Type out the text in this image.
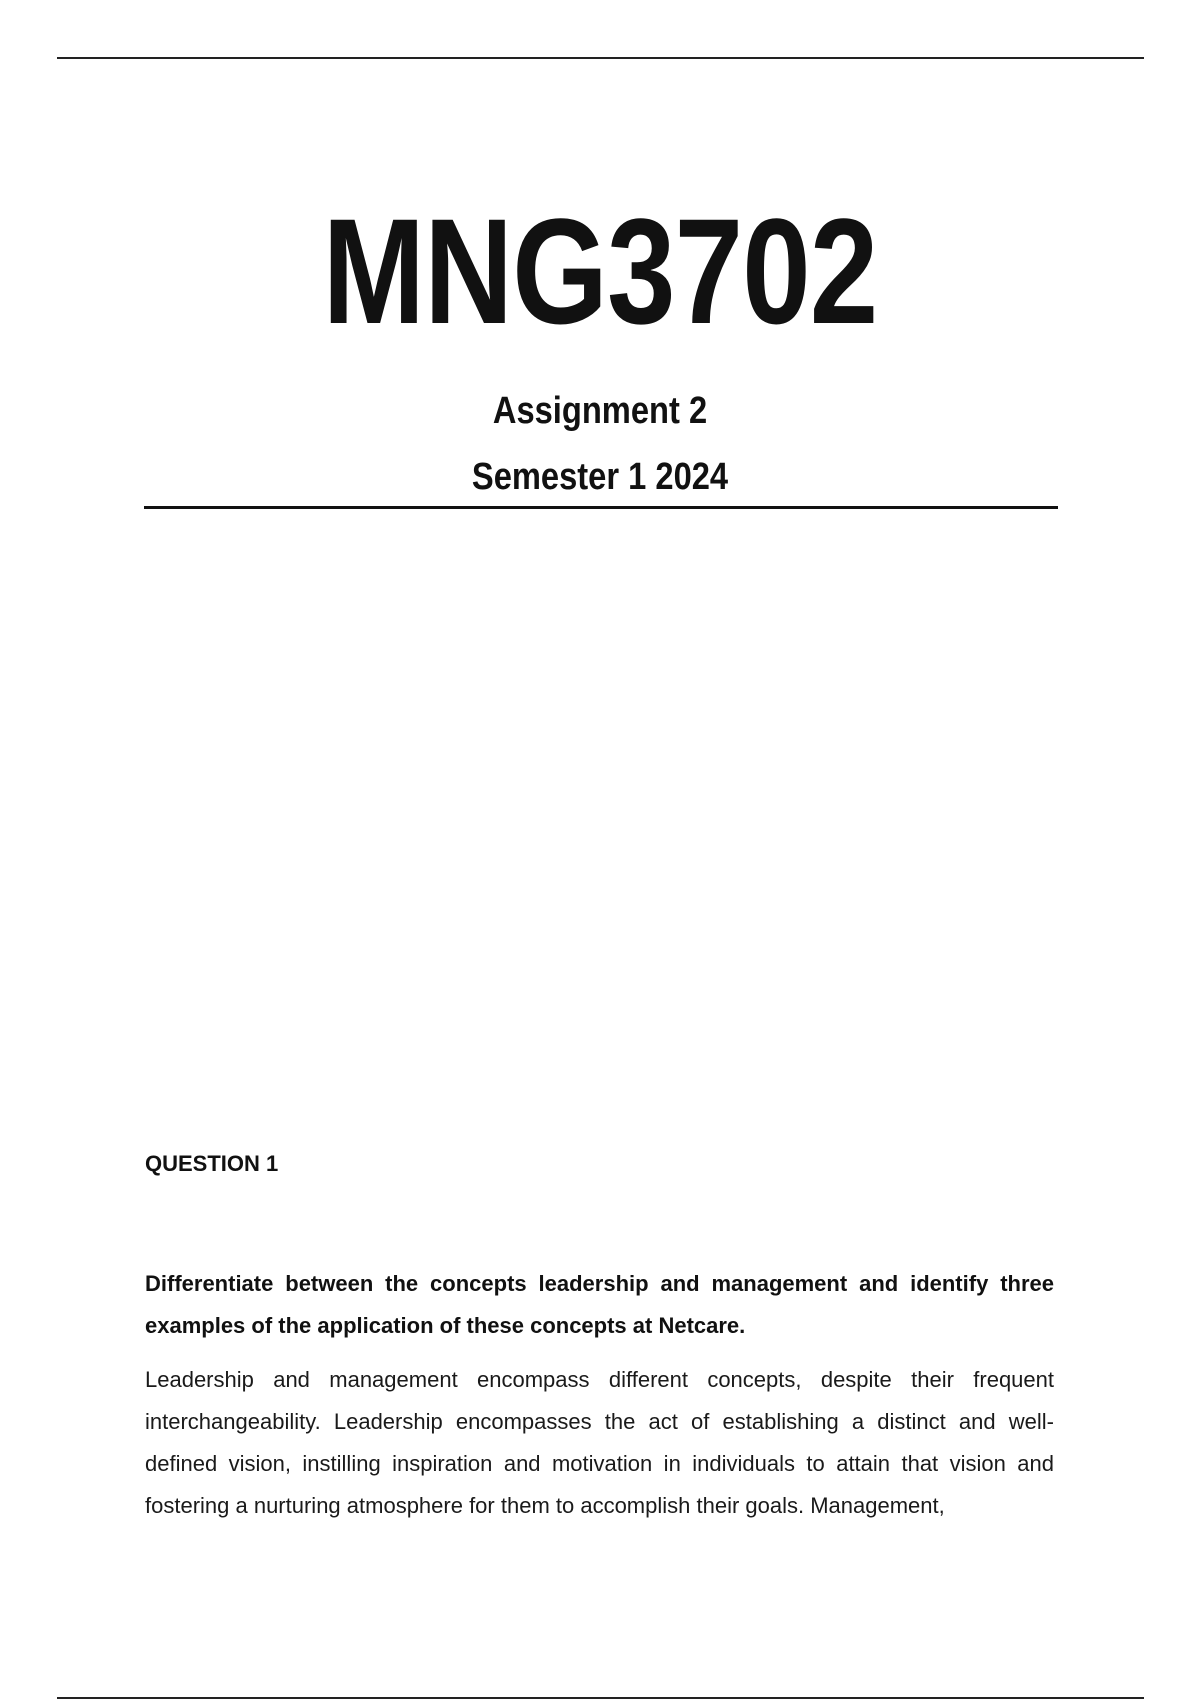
MNG3702
Assignment 2
Semester 1 2024
QUESTION 1

Differentiate between the concepts leadership and management and identify three examples of the application of these concepts at Netcare.

Leadership and management encompass different concepts, despite their frequent interchangeability. Leadership encompasses the act of establishing a distinct and well-defined vision, instilling inspiration and motivation in individuals to attain that vision and fostering a nurturing atmosphere for them to accomplish their goals. Management,
